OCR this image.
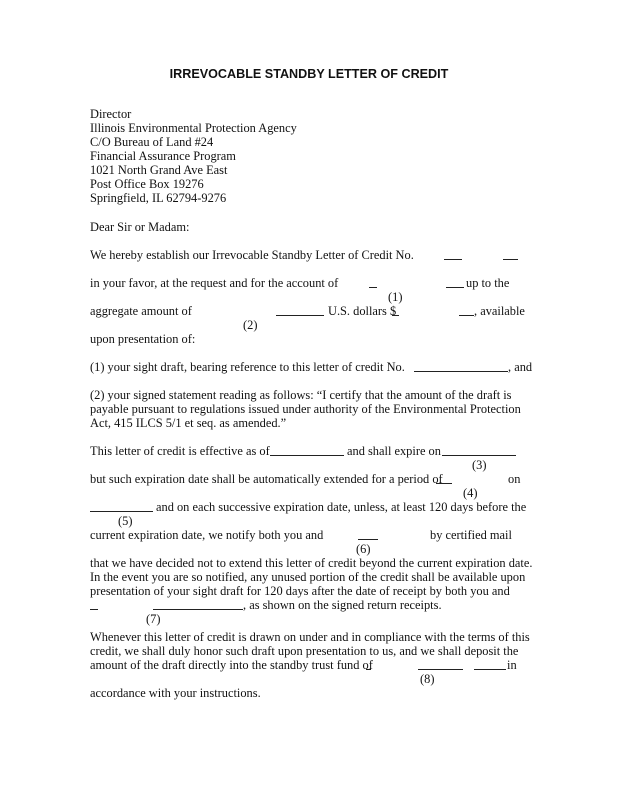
IRREVOCABLE STANDBY LETTER OF CREDIT
Director
Illinois Environmental Protection Agency
C/O Bureau of Land #24
Financial Assurance Program
1021 North Grand Ave East
Post Office Box 19276
Springfield, IL 62794-9276
Dear Sir or Madam:
We hereby establish our Irrevocable Standby Letter of Credit No.
in your favor, at the request and for the account of	up to the
(1)
aggregate amount of	U.S. dollars $	, available
(2)
upon presentation of:
(1) your sight draft, bearing reference to this letter of credit No.	, and
(2) your signed statement reading as follows: “I certify that the amount of the draft is
payable pursuant to regulations issued under authority of the Environmental Protection
Act, 415 ILCS 5/1 et seq. as amended.”
This letter of credit is effective as of	and shall expire on
(3)
but such expiration date shall be automatically extended for a period of	on
(4)
and on each successive expiration date, unless, at least 120 days before the
(5)
current expiration date, we notify both you and	by certified mail
(6)
that we have decided not to extend this letter of credit beyond the current expiration date.
In the event you are so notified, any unused portion of the credit shall be available upon
presentation of your sight draft for 120 days after the date of receipt by both you and
, as shown on the signed return receipts.
(7)
Whenever this letter of credit is drawn on under and in compliance with the terms of this
credit, we shall duly honor such draft upon presentation to us, and we shall deposit the
amount of the draft directly into the standby trust fund of	in
(8)
accordance with your instructions.
